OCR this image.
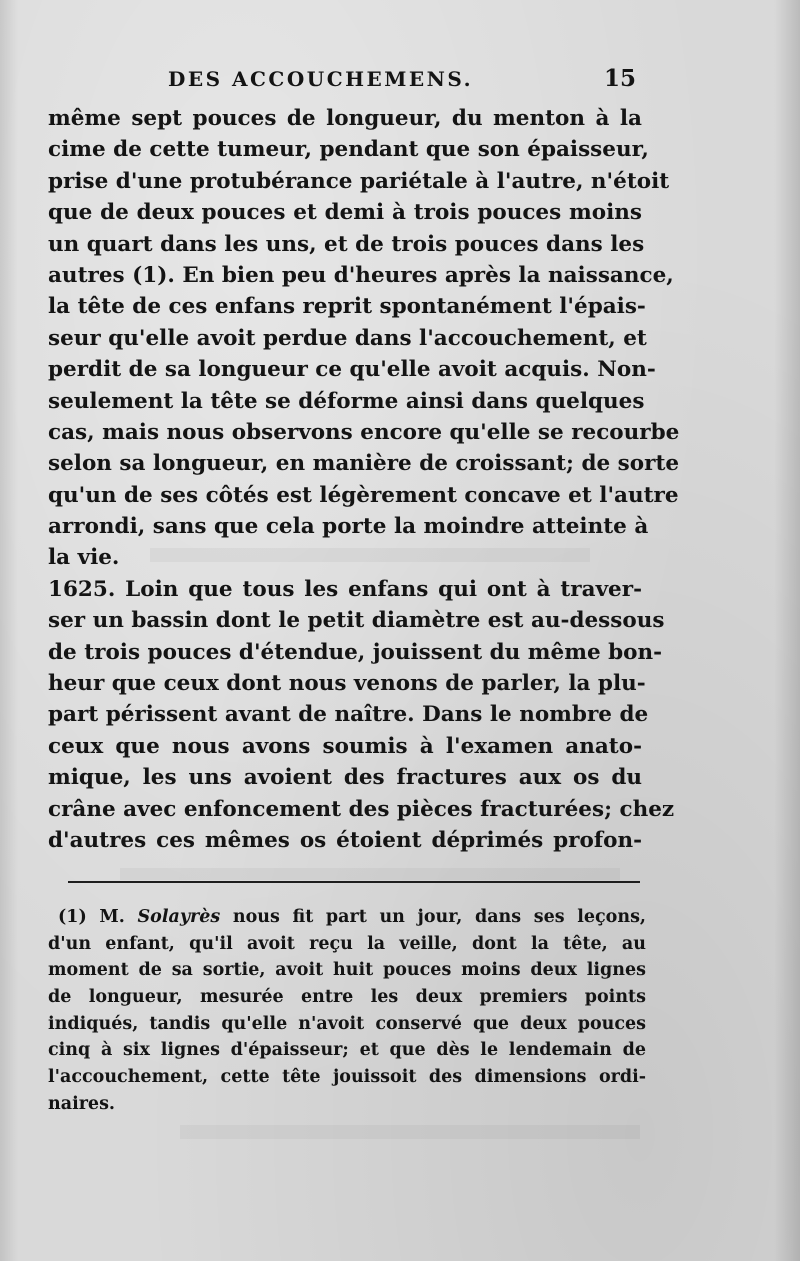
DES ACCOUCHEMENS.	15
même sept pouces de longueur, du menton à la
cime de cette tumeur, pendant que son épaisseur,
prise d'une protubérance pariétale à l'autre, n'étoit
que de deux pouces et demi à trois pouces moins
un quart dans les uns, et de trois pouces dans les
autres (1). En bien peu d'heures après la naissance,
la tête de ces enfans reprit spontanément l'épais-
seur qu'elle avoit perdue dans l'accouchement, et
perdit de sa longueur ce qu'elle avoit acquis. Non-
seulement la tête se déforme ainsi dans quelques
cas, mais nous observons encore qu'elle se recourbe
selon sa longueur, en manière de croissant; de sorte
qu'un de ses côtés est légèrement concave et l'autre
arrondi, sans que cela porte la moindre atteinte à
la vie.
1625. Loin que tous les enfans qui ont à traver-
ser un bassin dont le petit diamètre est au-dessous
de trois pouces d'étendue, jouissent du même bon-
heur que ceux dont nous venons de parler, la plu-
part périssent avant de naître. Dans le nombre de
ceux que nous avons soumis à l'examen anato-
mique, les uns avoient des fractures aux os du
crâne avec enfoncement des pièces fracturées; chez
d'autres ces mêmes os étoient déprimés profon-
(1) M. Solayrès nous fit part un jour, dans ses leçons,
d'un enfant, qu'il avoit reçu la veille, dont la tête, au
moment de sa sortie, avoit huit pouces moins deux lignes
de longueur, mesurée entre les deux premiers points
indiqués, tandis qu'elle n'avoit conservé que deux pouces
cinq à six lignes d'épaisseur; et que dès le lendemain de
l'accouchement, cette tête jouissoit des dimensions ordi-
naires.
